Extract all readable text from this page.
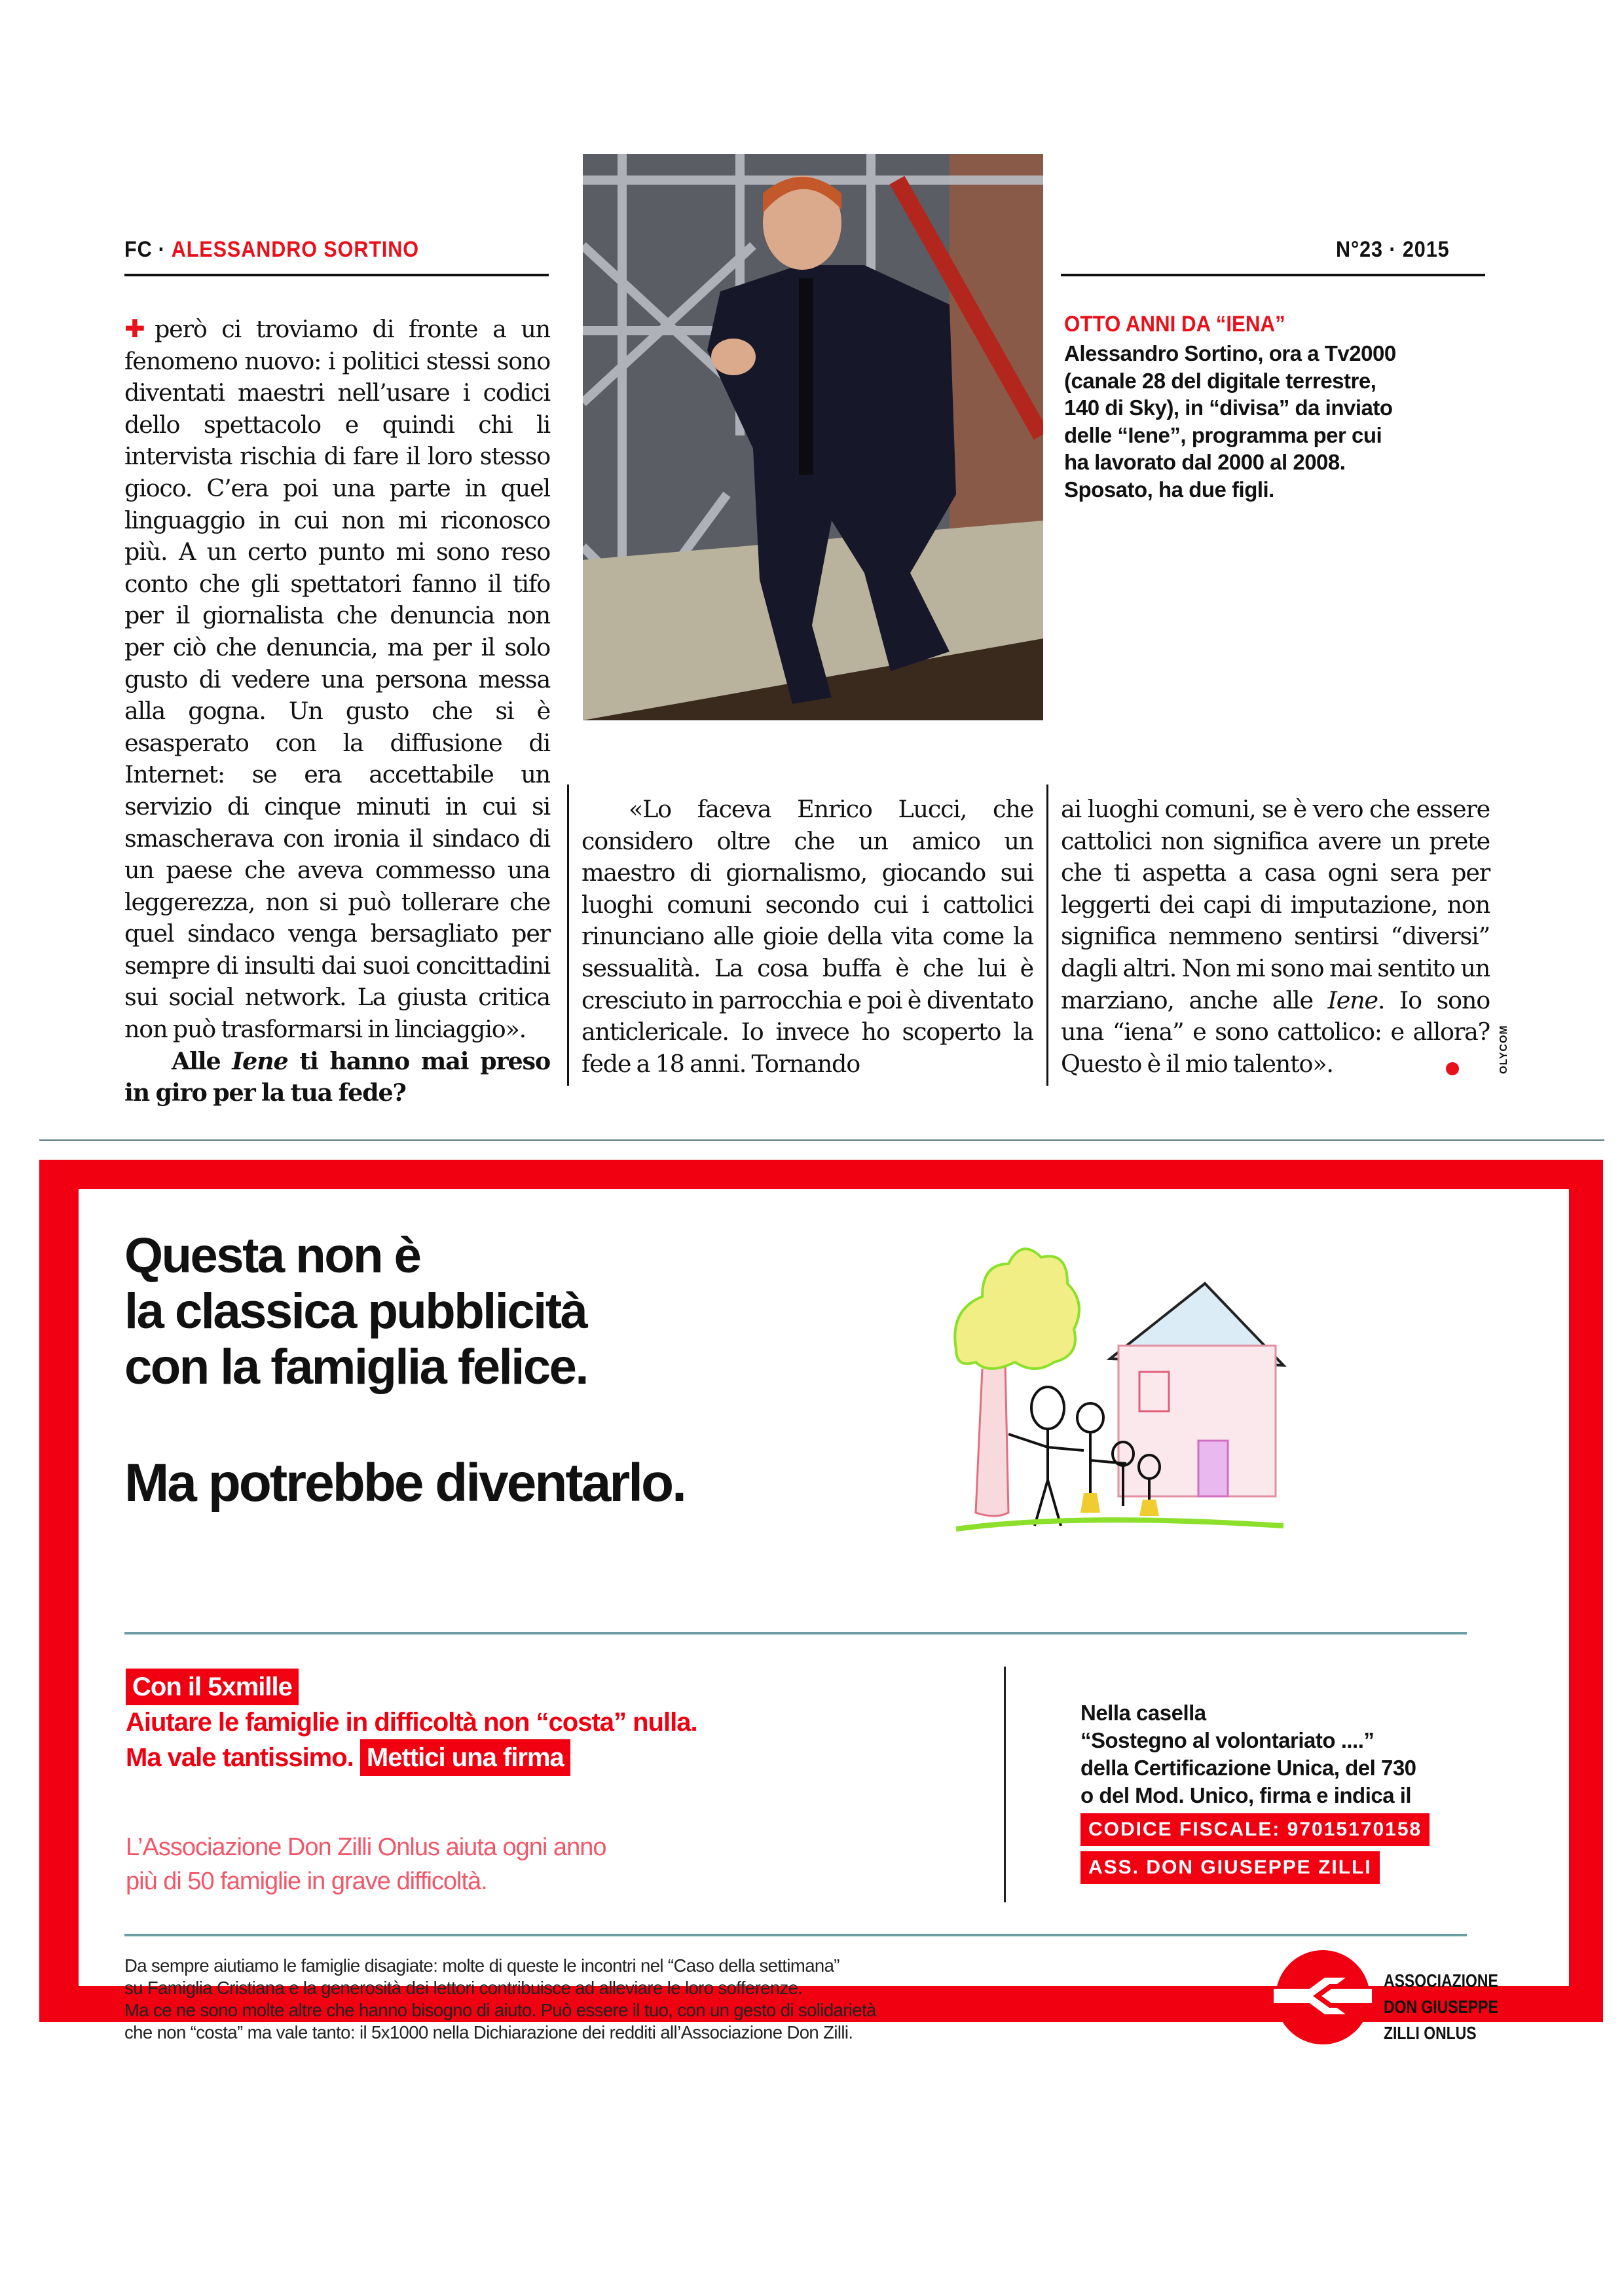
FC · ALESSANDRO SORTINO	N°23 · 2015

✚ però ci troviamo di fronte a un fenomeno nuovo: i politici stessi sono diventati maestri nell’usare i codici dello spettacolo e quindi chi li intervista rischia di fare il loro stesso gioco. C’era poi una parte in quel linguaggio in cui non mi riconosco più. A un certo punto mi sono reso conto che gli spettatori fanno il tifo per il giornalista che denuncia non per ciò che denuncia, ma per il solo gusto di vedere una persona messa alla gogna. Un gusto che si è esasperato con la diffusione di Internet: se era accettabile un servizio di cinque minuti in cui si smascherava con ironia il sindaco di un paese che aveva commesso una leggerezza, non si può tollerare che quel sindaco venga bersagliato per sempre di insulti dai suoi concittadini sui social network. La giusta critica non può trasformarsi in linciaggio».

Alle Iene ti hanno mai preso in giro per la tua fede?

OTTO ANNI DA “IENA”
Alessandro Sortino, ora a Tv2000 (canale 28 del digitale terrestre, 140 di Sky), in “divisa” da inviato delle “Iene”, programma per cui ha lavorato dal 2000 al 2008. Sposato, ha due figli.

«Lo faceva Enrico Lucci, che considero oltre che un amico un maestro di giornalismo, giocando sui luoghi comuni secondo cui i cattolici rinunciano alle gioie della vita come la sessualità. La cosa buffa è che lui è cresciuto in parrocchia e poi è diventato anticlericale. Io invece ho scoperto la fede a 18 anni. Tornando

ai luoghi comuni, se è vero che essere cattolici non significa avere un prete che ti aspetta a casa ogni sera per leggerti dei capi di imputazione, non significa nemmeno sentirsi “diversi” dagli altri. Non mi sono mai sentito un marziano, anche alle Iene. Io sono una “iena” e sono cattolico: e allora? Questo è il mio talento».	OLYCOM
Questa non è
la classica pubblicità
con la famiglia felice.
Ma potrebbe diventarlo.
Con il 5xmille
Aiutare le famiglie in difficoltà non “costa” nulla.
Ma vale tantissimo. Mettici una firma
L’Associazione Don Zilli Onlus aiuta ogni anno
più di 50 famiglie in grave difficoltà.
Nella casella
“Sostegno al volontariato ....”
della Certificazione Unica, del 730
o del Mod. Unico, firma e indica il
CODICE FISCALE: 97015170158
ASS. DON GIUSEPPE ZILLI
Da sempre aiutiamo le famiglie disagiate: molte di queste le incontri nel “Caso della settimana”
su Famiglia Cristiana e la generosità dei lettori contribuisce ad alleviare le loro sofferenze.
Ma ce ne sono molte altre che hanno bisogno di aiuto. Può essere il tuo, con un gesto di solidarietà
che non “costa” ma vale tanto: il 5x1000 nella Dichiarazione dei redditi all’Associazione Don Zilli.
ASSOCIAZIONE
DON GIUSEPPE
ZILLI ONLUS
